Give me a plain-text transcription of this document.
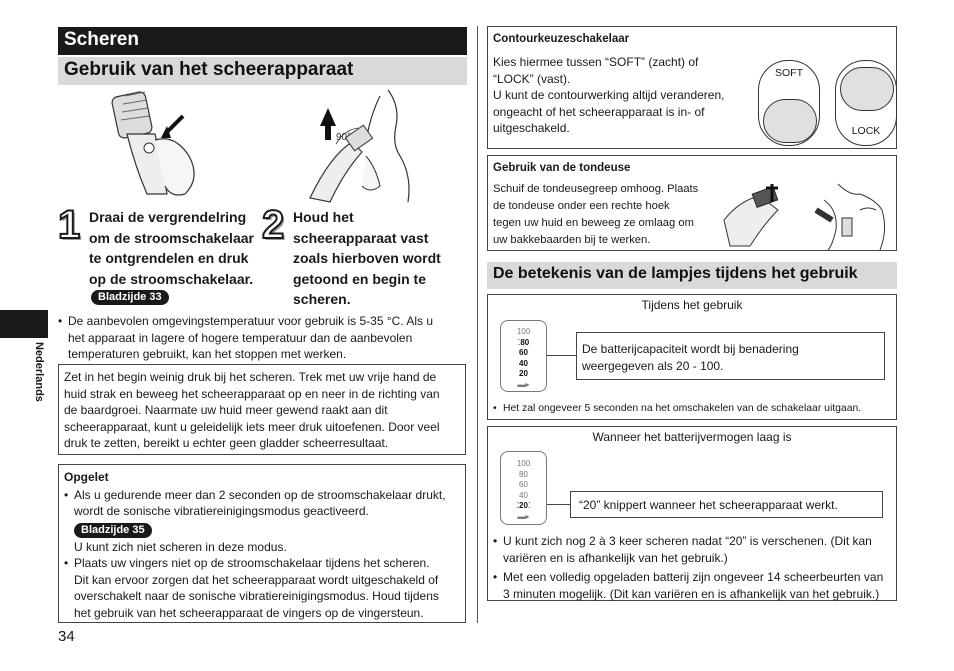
Nederlands
Scheren
Gebruik van het scheerapparaat
90°
1 Draai de vergrendelring
om de stroomschakelaar
te ontgrendelen en druk
op de stroomschakelaar.
Bladzijde 33
2 Houd het
scheerapparaat vast
zoals hierboven wordt
getoond en begin te
scheren.
• De aanbevolen omgevingstemperatuur voor gebruik is 5-35 °C. Als u
het apparaat in lagere of hogere temperatuur dan de aanbevolen
temperaturen gebruikt, kan het stoppen met werken.
Zet in het begin weinig druk bij het scheren. Trek met uw vrije hand de
huid strak en beweeg het scheerapparaat op en neer in de richting van
de baardgroei. Naarmate uw huid meer gewend raakt aan dit
scheerapparaat, kunt u geleidelijk iets meer druk uitoefenen. Door veel
druk te zetten, bereikt u echter geen gladder scheerresultaat.
Opgelet
• Als u gedurende meer dan 2 seconden op de stroomschakelaar drukt,
wordt de sonische vibratiereinigingsmodus geactiveerd.
Bladzijde 35
U kunt zich niet scheren in deze modus.
• Plaats uw vingers niet op de stroomschakelaar tijdens het scheren.
Dit kan ervoor zorgen dat het scheerapparaat wordt uitgeschakeld of
overschakelt naar de sonische vibratiereinigingsmodus. Houd tijdens
het gebruik van het scheerapparaat de vingers op de vingersteun.
34
Contourkeuzeschakelaar
Kies hiermee tussen “SOFT” (zacht) of
“LOCK” (vast).
U kunt de contourwerking altijd veranderen,
ongeacht of het scheerapparaat is in- of
uitgeschakeld.
SOFT
LOCK
Gebruik van de tondeuse
Schuif de tondeusegreep omhoog. Plaats
de tondeuse onder een rechte hoek
tegen uw huid en beweeg ze omlaag om
uw bakkebaarden bij te werken.
De betekenis van de lampjes tijdens het gebruik
Tijdens het gebruik
100
⁚80
60
40
20
▬▸
De batterijcapaciteit wordt bij benadering
weergegeven als 20 - 100.
• Het zal ongeveer 5 seconden na het omschakelen van de schakelaar uitgaan.
Wanneer het batterijvermogen laag is
100
80
60
40
⁚20⁚
▬▸
“20” knippert wanneer het scheerapparaat werkt.
• U kunt zich nog 2 à 3 keer scheren nadat “20” is verschenen. (Dit kan
variëren en is afhankelijk van het gebruik.)
• Met een volledig opgeladen batterij zijn ongeveer 14 scheerbeurten van
3 minuten mogelijk. (Dit kan variëren en is afhankelijk van het gebruik.)
